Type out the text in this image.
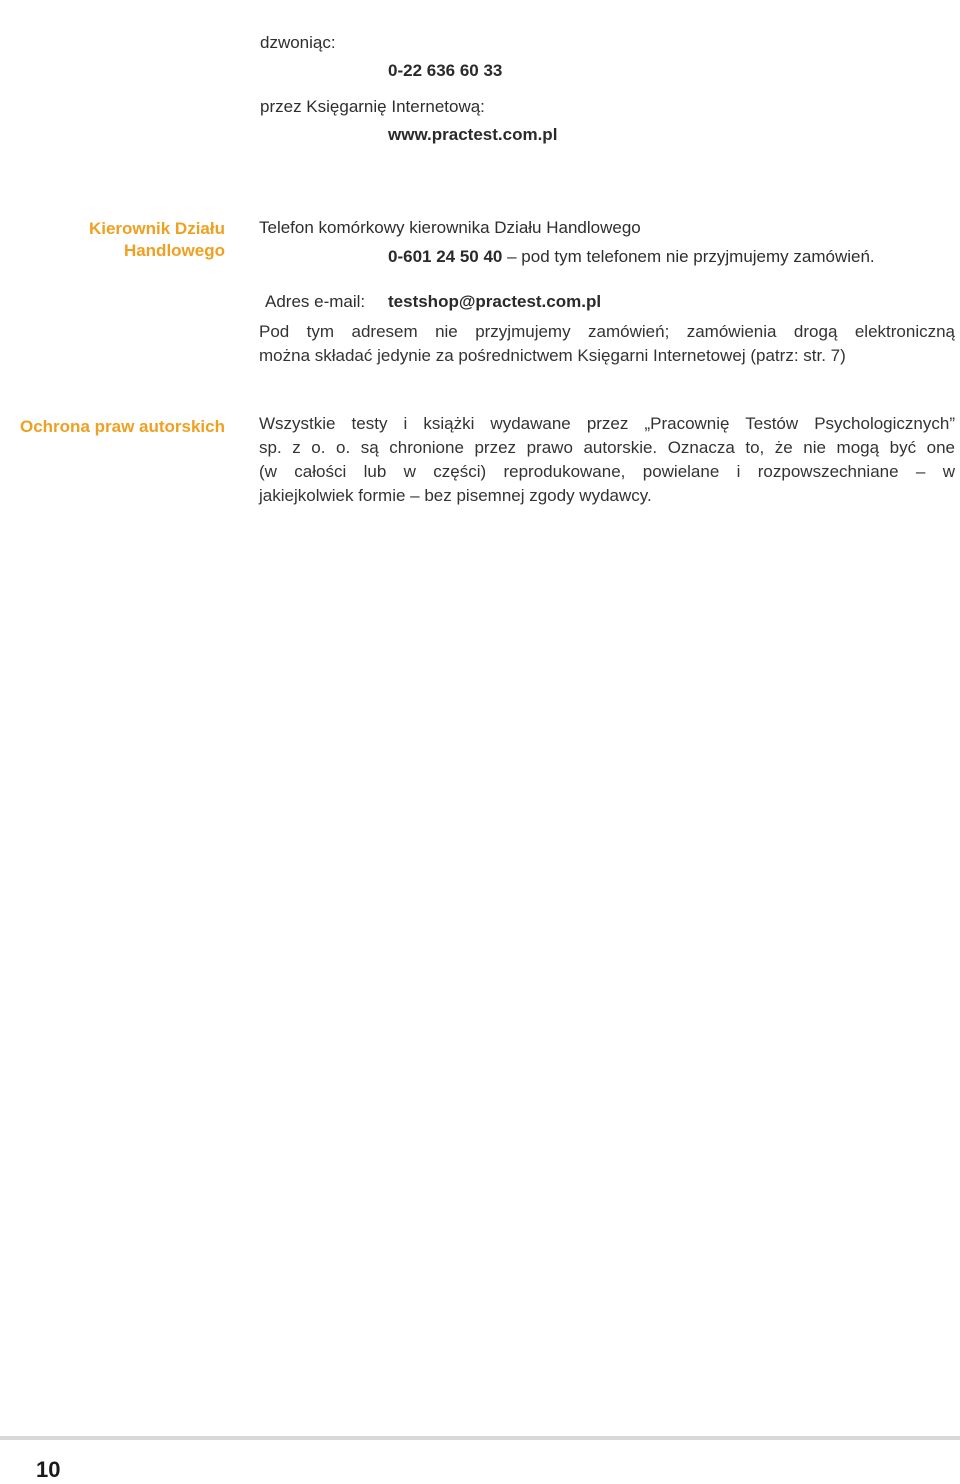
dzwoniąc:
0-22 636 60 33
przez Księgarnię Internetową:
www.practest.com.pl
Kierownik Działu
Handlowego
Telefon komórkowy kierownika Działu Handlowego
0-601 24 50 40 – pod tym telefonem nie przyjmujemy zamówień.
Adres e-mail: testshop@practest.com.pl
Pod tym adresem nie przyjmujemy zamówień; zamówienia drogą elektroniczną
można składać jedynie za pośrednictwem Księgarni Internetowej (patrz: str. 7)
Ochrona praw autorskich Wszystkie testy i książki wydawane przez „Pracownię Testów Psychologicznych”
sp. z o. o. są chronione przez prawo autorskie. Oznacza to, że nie mogą być one
(w całości lub w części) reprodukowane, powielane i rozpowszechniane – w
jakiejkolwiek formie – bez pisemnej zgody wydawcy.
10
